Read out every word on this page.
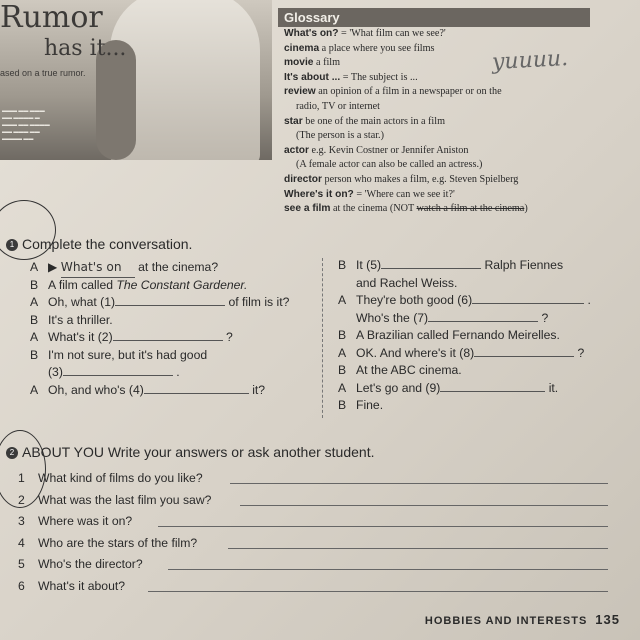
Rumor
has it...
ased on a true rumor.
▬▬▬ ▬▬ ▬▬▬
▬▬ ▬▬▬▬ ▬
▬▬▬ ▬▬ ▬▬▬▬
▬▬ ▬▬▬ ▬▬
▬▬▬▬ ▬▬
Glossary
What's on? = 'What film can we see?'
cinema a place where you see films
movie a film
It's about ... = The subject is ...
review an opinion of a film in a newspaper or on the
radio, TV or internet
star be one of the main actors in a film
(The person is a star.)
actor e.g. Kevin Costner or Jennifer Aniston
(A female actor can also be called an actress.)
director person who makes a film, e.g. Steven Spielberg
Where's it on? = 'Where can we see it?'
see a film at the cinema (NOT watch a film at the cinema)
yuuuu.
1 Complete the conversation.
A ▶ What's on at the cinema?
B A film called The Constant Gardener.
A Oh, what (1)	of film is it?
B It's a thriller.
A What's it (2)	?
B I'm not sure, but it's had good
(3)	.
A Oh, and who's (4)	it?
B It (5)	Ralph Fiennes
and Rachel Weiss.
A They're both good (6)	.
Who's the (7)	?
B A Brazilian called Fernando Meirelles.
A OK. And where's it (8)	?
B At the ABC cinema.
A Let's go and (9)	it.
B Fine.
2 ABOUT YOU Write your answers or ask another student.
1 What kind of films do you like?
2 What was the last film you saw?
3 Where was it on?
4 Who are the stars of the film?
5 Who's the director?
6 What's it about?
HOBBIES AND INTERESTS 135
